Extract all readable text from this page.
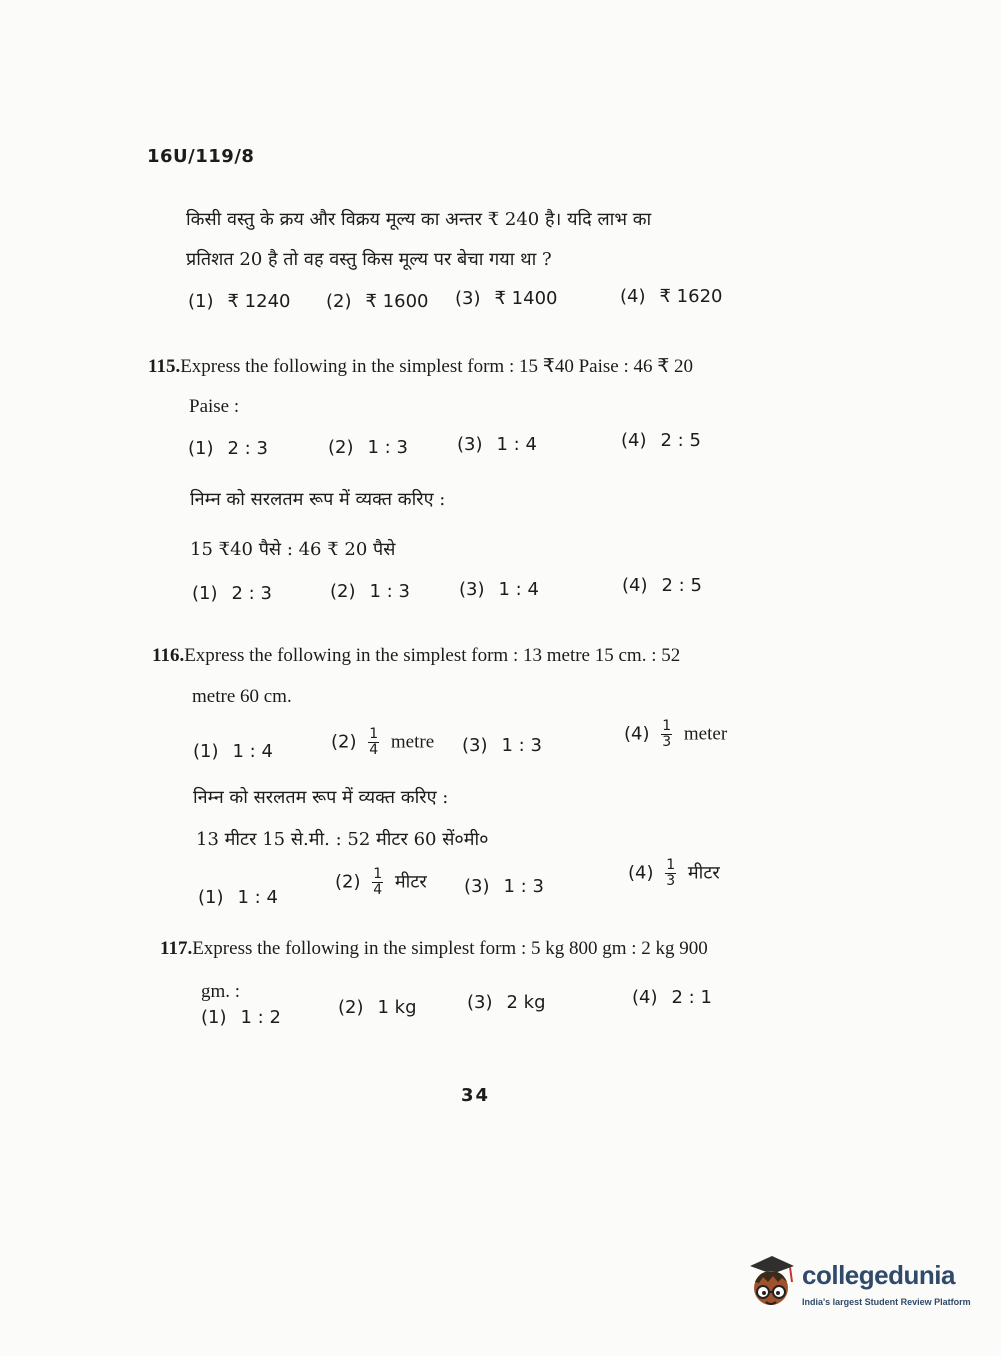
16U/119/8
किसी वस्तु के क्रय और विक्रय मूल्य का अन्तर ₹ 240 है। यदि लाभ का
प्रतिशत 20 है तो वह वस्तु किस मूल्य पर बेचा गया था ?
(1) ₹ 1240 (2) ₹ 1600 (3) ₹ 1400	(4) ₹ 1620
115.Express the following in the simplest form : 15 ₹40 Paise : 46 ₹ 20
Paise :
(1) 2 : 3	(2) 1 : 3	(3) 1 : 4	(4) 2 : 5
निम्न को सरलतम रूप में व्यक्त करिए :
15 ₹40 पैसे : 46 ₹ 20 पैसे
(1) 2 : 3	(2) 1 : 3	(3) 1 : 4	(4) 2 : 5
116.Express the following in the simplest form : 13 metre 15 cm. : 52
metre 60 cm.
(1) 1 : 4	$(2) \frac{1}{4}$ metre (3) 1 : 3
$(4) \frac{1}{3}$ meter
निम्न को सरलतम रूप में व्यक्त करिए :
13 मीटर 15 से.मी. : 52 मीटर 60 सें०मी०
(1) 1 : 4
$(2) \frac{1}{4}$ मीटर (3) 1 : 3
$(4) \frac{1}{3}$ मीटर
117.Express the following in the simplest form : 5 kg 800 gm : 2 kg 900
gm. :
(1) 1 : 2	(2) 1 kg	(3) 2 kg	(4) 2 : 1
34
collegedunia
India's largest Student Review Platform
